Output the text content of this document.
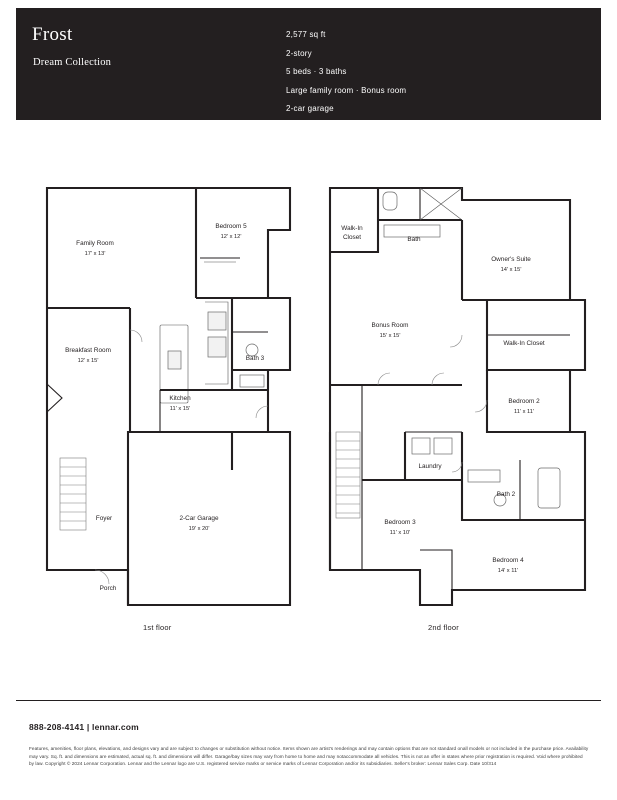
Frost
Dream Collection
2,577 sq ft
2-story
5 beds · 3 baths
Large family room · Bonus room
2-car garage
Family Room
17' x 13'
Bedroom 5
12' x 12'
Breakfast Room
12' x 15'	Bath 3
Kitchen
11' x 15'
Foyer	2-Car Garage
19' x 20'
Porch
Walk-In
Closet	Bath
Owner's Suite
14' x 15'
Bonus Room
15' x 15'
Walk-In Closet
Bedroom 2
11' x 11'
Laundry
Bath 2
Bedroom 3
11' x 10'
Bedroom 4
14' x 11'
1st floor	2nd floor
888-208-4141 | lennar.com
Features, amenities, floor plans, elevations, and designs vary and are subject to changes or substitution without notice. Items shown are artist's renderings and may contain options that are not standard onall models or not included in the purchase price. Availability may vary. Sq. ft. and dimensions are estimated, actual sq. ft. and dimensions will differ. Garage/bay sizes may vary from home to home and may notaccommodate all vehicles. This is not an offer in states where prior registration is required. Void where prohibited by law. Copyright © 2024 Lennar Corporation. Lennar and the Lennar logo are U.S. registered service marks or service marks of Lennar Corporation and/or its subsidiaries. Seller's broker: Lennar Sales Corp. Date 10/314
